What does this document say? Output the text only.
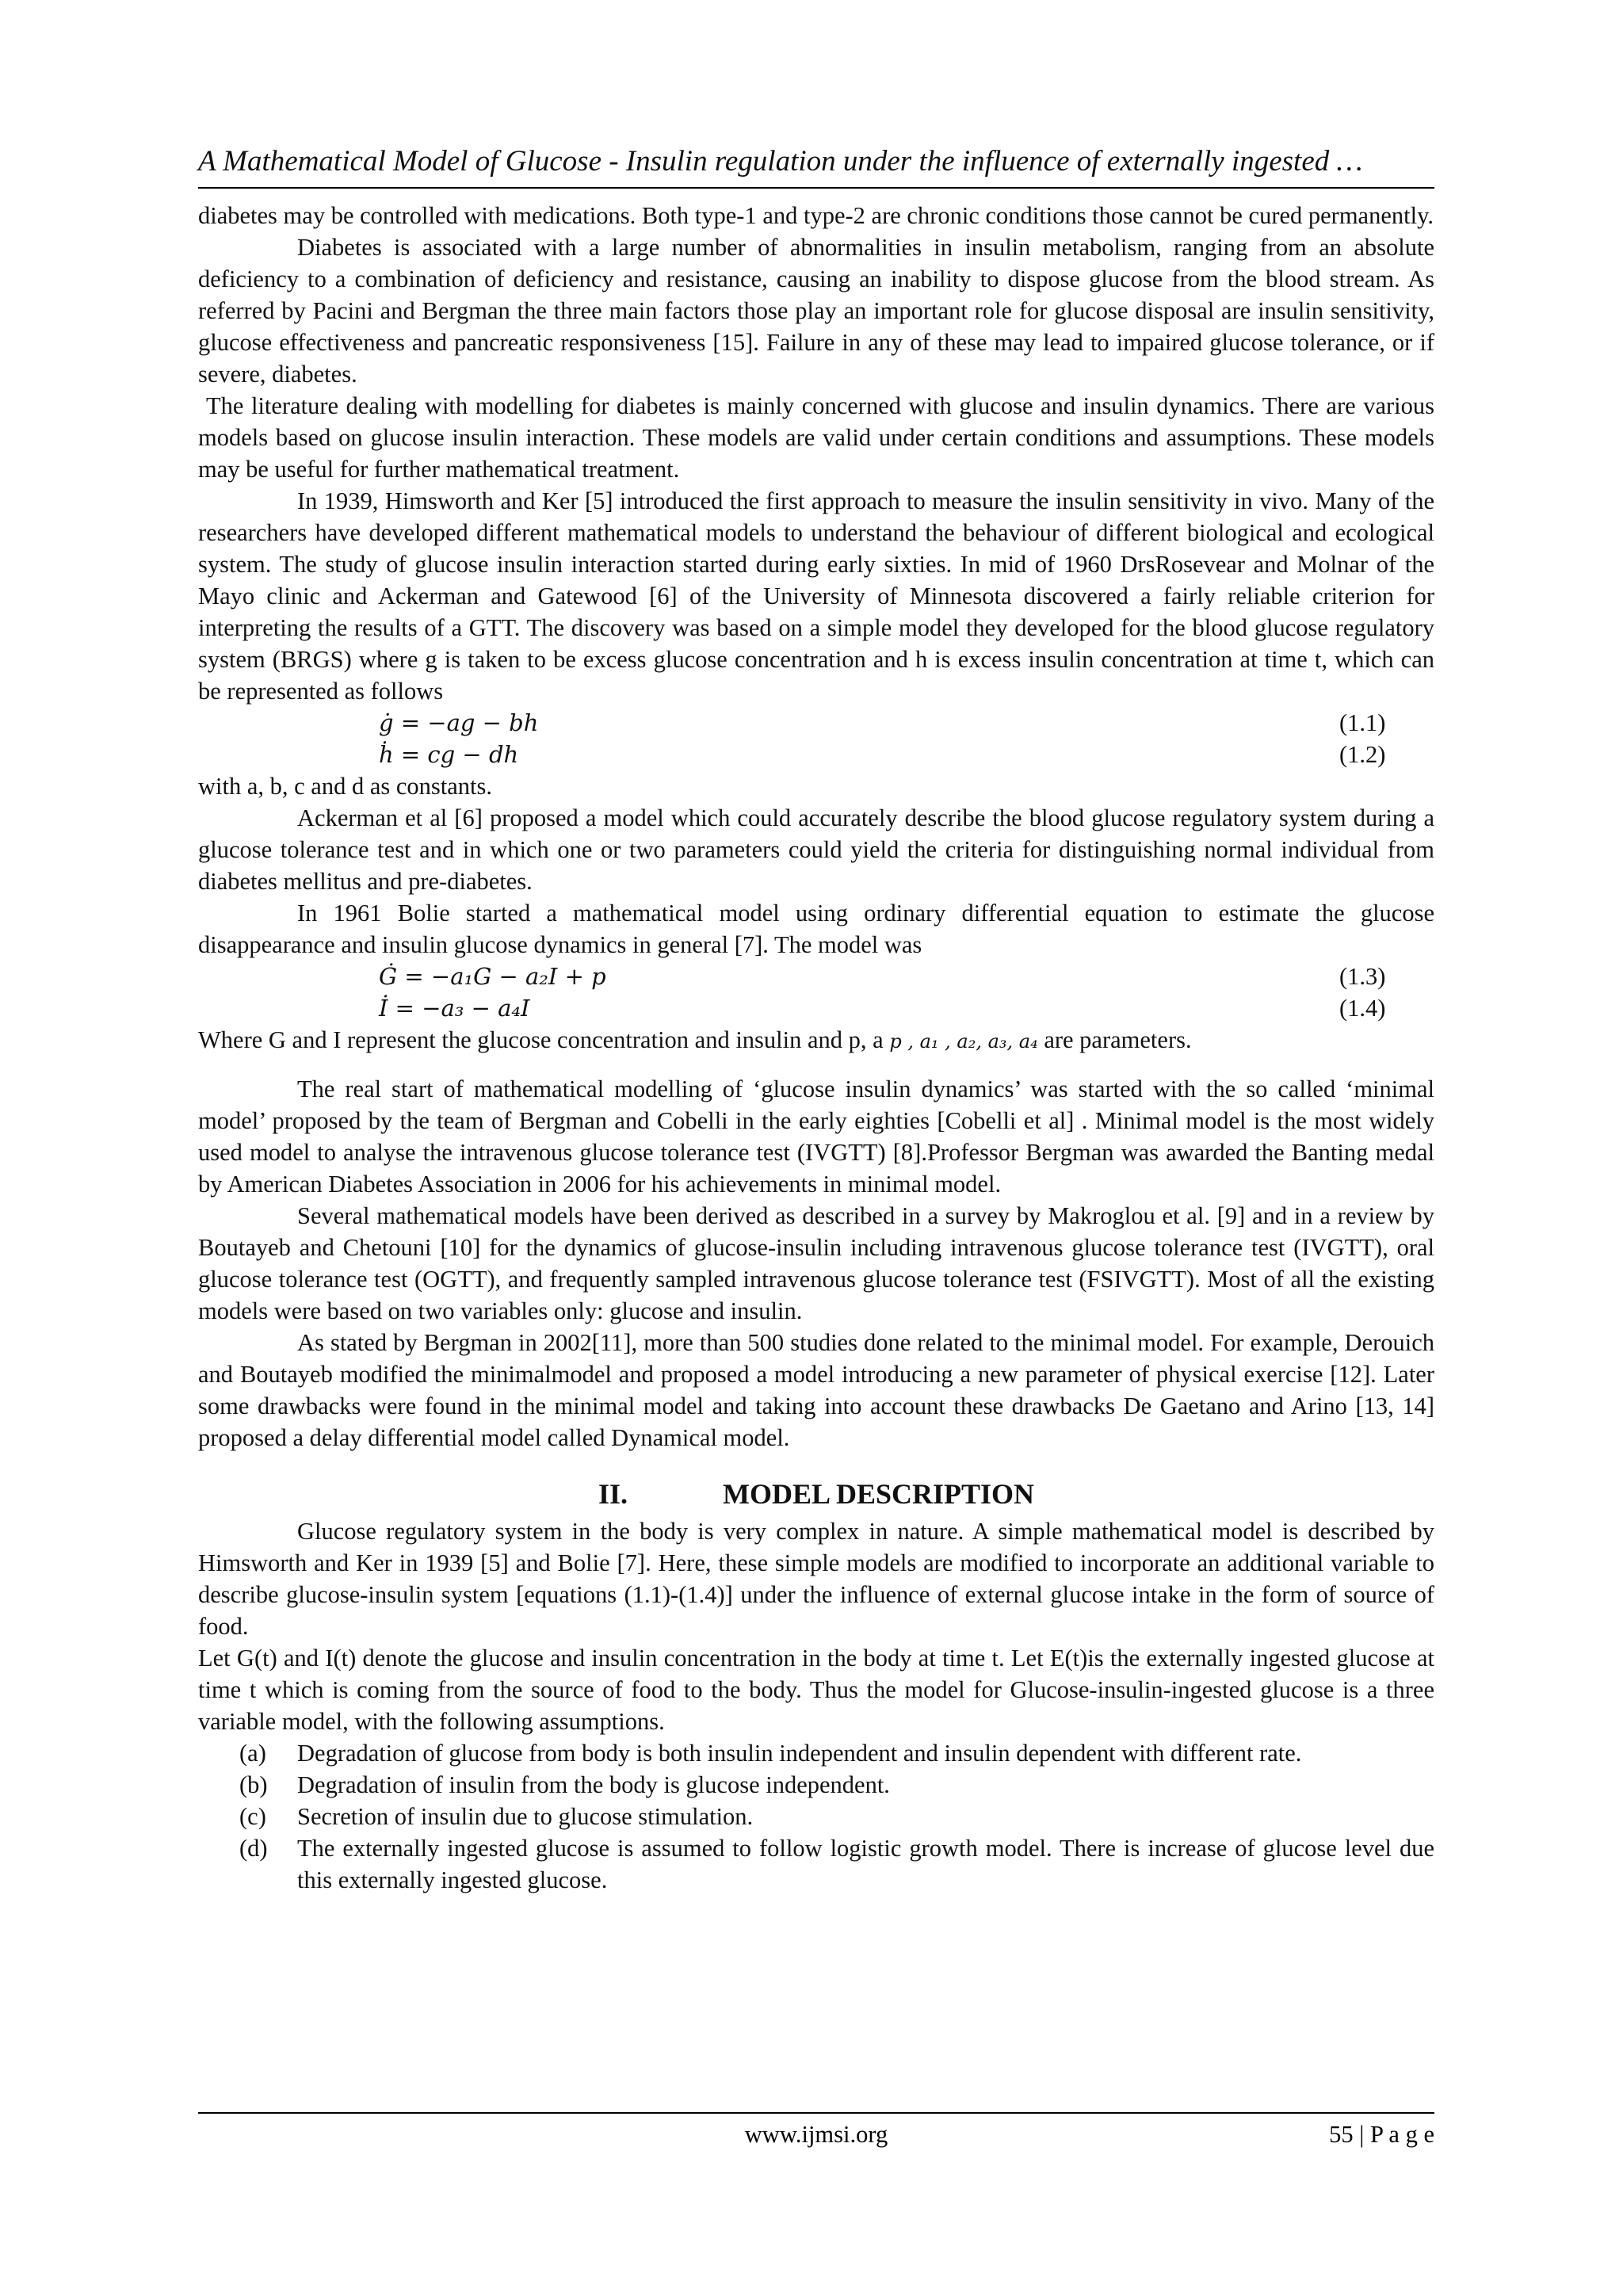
A Mathematical Model of Glucose - Insulin regulation under the influence of externally ingested …

diabetes may be controlled with medications. Both type-1 and type-2 are chronic conditions those cannot be cured permanently.

Diabetes is associated with a large number of abnormalities in insulin metabolism, ranging from an absolute deficiency to a combination of deficiency and resistance, causing an inability to dispose glucose from the blood stream. As referred by Pacini and Bergman the three main factors those play an important role for glucose disposal are insulin sensitivity, glucose effectiveness and pancreatic responsiveness [15]. Failure in any of these may lead to impaired glucose tolerance, or if severe, diabetes.

The literature dealing with modelling for diabetes is mainly concerned with glucose and insulin dynamics. There are various models based on glucose insulin interaction. These models are valid under certain conditions and assumptions. These models may be useful for further mathematical treatment.

In 1939, Himsworth and Ker [5] introduced the first approach to measure the insulin sensitivity in vivo. Many of the researchers have developed different mathematical models to understand the behaviour of different biological and ecological system. The study of glucose insulin interaction started during early sixties. In mid of 1960 DrsRosevear and Molnar of the Mayo clinic and Ackerman and Gatewood [6] of the University of Minnesota discovered a fairly reliable criterion for interpreting the results of a GTT. The discovery was based on a simple model they developed for the blood glucose regulatory system (BRGS) where g is taken to be excess glucose concentration and h is excess insulin concentration at time t, which can be represented as follows

ġ = −ag − bh	(1.1)
ḣ = cg − dh	(1.2)

with a, b, c and d as constants.

Ackerman et al [6] proposed a model which could accurately describe the blood glucose regulatory system during a glucose tolerance test and in which one or two parameters could yield the criteria for distinguishing normal individual from diabetes mellitus and pre-diabetes.

In 1961 Bolie started a mathematical model using ordinary differential equation to estimate the glucose disappearance and insulin glucose dynamics in general [7]. The model was

Ġ = −a₁G − a₂I + p	(1.3)
İ = −a₃ − a₄I	(1.4)

Where G and I represent the glucose concentration and insulin and p, a p , a₁ , a₂, a₃, a₄ are parameters.

The real start of mathematical modelling of ‘glucose insulin dynamics’ was started with the so called ‘minimal model’ proposed by the team of Bergman and Cobelli in the early eighties [Cobelli et al] . Minimal model is the most widely used model to analyse the intravenous glucose tolerance test (IVGTT) [8].Professor Bergman was awarded the Banting medal by American Diabetes Association in 2006 for his achievements in minimal model.

Several mathematical models have been derived as described in a survey by Makroglou et al. [9] and in a review by Boutayeb and Chetouni [10] for the dynamics of glucose-insulin including intravenous glucose tolerance test (IVGTT), oral glucose tolerance test (OGTT), and frequently sampled intravenous glucose tolerance test (FSIVGTT). Most of all the existing models were based on two variables only: glucose and insulin.

As stated by Bergman in 2002[11], more than 500 studies done related to the minimal model. For example, Derouich and Boutayeb modified the minimalmodel and proposed a model introducing a new parameter of physical exercise [12]. Later some drawbacks were found in the minimal model and taking into account these drawbacks De Gaetano and Arino [13, 14] proposed a delay differential model called Dynamical model.

II.	MODEL DESCRIPTION

Glucose regulatory system in the body is very complex in nature. A simple mathematical model is described by Himsworth and Ker in 1939 [5] and Bolie [7]. Here, these simple models are modified to incorporate an additional variable to describe glucose-insulin system [equations (1.1)-(1.4)] under the influence of external glucose intake in the form of source of food.

Let G(t) and I(t) denote the glucose and insulin concentration in the body at time t. Let E(t)is the externally ingested glucose at time t which is coming from the source of food to the body. Thus the model for Glucose-insulin-ingested glucose is a three variable model, with the following assumptions.

(a)	Degradation of glucose from body is both insulin independent and insulin dependent with different rate.
(b)	Degradation of insulin from the body is glucose independent.
(c)	Secretion of insulin due to glucose stimulation.
(d)	The externally ingested glucose is assumed to follow logistic growth model. There is increase of glucose level due this externally ingested glucose.
www.ijmsi.org	55 | P a g e
